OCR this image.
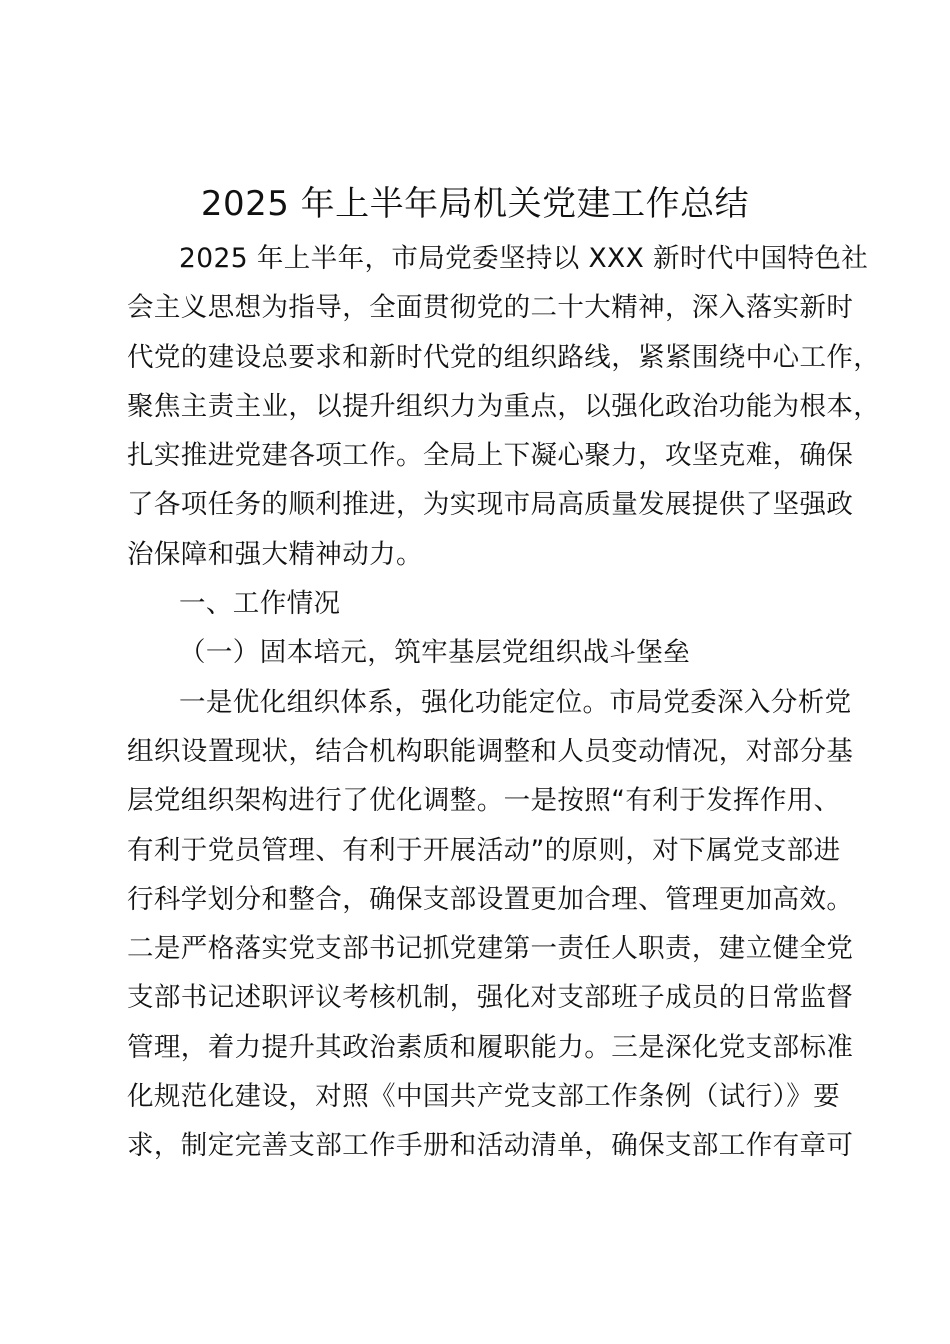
2025 年上半年局机关党建工作总结
2025 年上半年，市局党委坚持以 XXX 新时代中国特色社
会主义思想为指导，全面贯彻党的二十大精神，深入落实新时
代党的建设总要求和新时代党的组织路线，紧紧围绕中心工作，
聚焦主责主业，以提升组织力为重点，以强化政治功能为根本，
扎实推进党建各项工作。全局上下凝心聚力，攻坚克难，确保
了各项任务的顺利推进，为实现市局高质量发展提供了坚强政
治保障和强大精神动力。
一、工作情况
（一）固本培元，筑牢基层党组织战斗堡垒
一是优化组织体系，强化功能定位。市局党委深入分析党
组织设置现状，结合机构职能调整和人员变动情况，对部分基
层党组织架构进行了优化调整。一是按照“有利于发挥作用、
有利于党员管理、有利于开展活动”的原则，对下属党支部进
行科学划分和整合，确保支部设置更加合理、管理更加高效。
二是严格落实党支部书记抓党建第一责任人职责，建立健全党
支部书记述职评议考核机制，强化对支部班子成员的日常监督
管理，着力提升其政治素质和履职能力。三是深化党支部标准
化规范化建设，对照《中国共产党支部工作条例（试行）》要
求，制定完善支部工作手册和活动清单，确保支部工作有章可
